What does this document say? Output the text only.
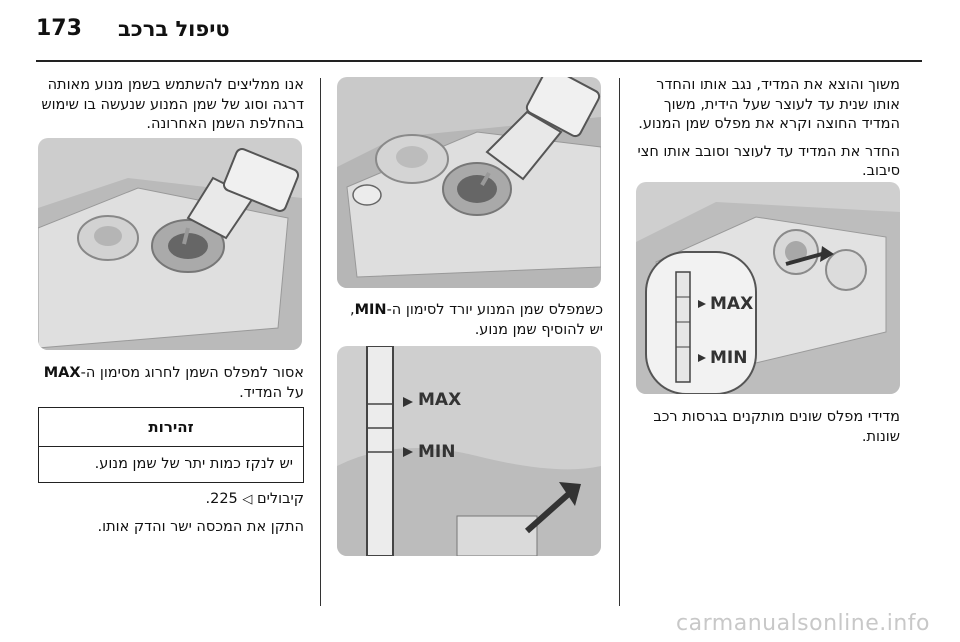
173 טיפול ברכב

משוך והוצא את המדיד, נגב אותו והחדר אותו שנית עד לעוצר שעל הידית, משוך המדיד החוצה וקרא את מפלס שמן המנוע.

החדר את המדיד עד לעוצר וסובב אותו חצי סיבוב.

MAX
MIN

מדידי מפלס שונים מותקנים בגרסות רכב שונות.

כשמפלס שמן המנוע יורד לסימון ה-MIN, יש להוסיף שמן מנוע.

MAX
MIN

אנו ממליצים להשתמש בשמן מנוע מאותה דרגה וסוג של שמן המנוע שנעשה בו שימוש בהחלפת השמן האחרונה.

אסור למפלס השמן לחרוג מסימון ה-MAX על המדיד.

זהירות
יש לנקז כמות יתר של שמן מנוע.

קיבולים ◁ 225.

התקן את המכסה ישר והדק אותו.

carmanualsonline.info
